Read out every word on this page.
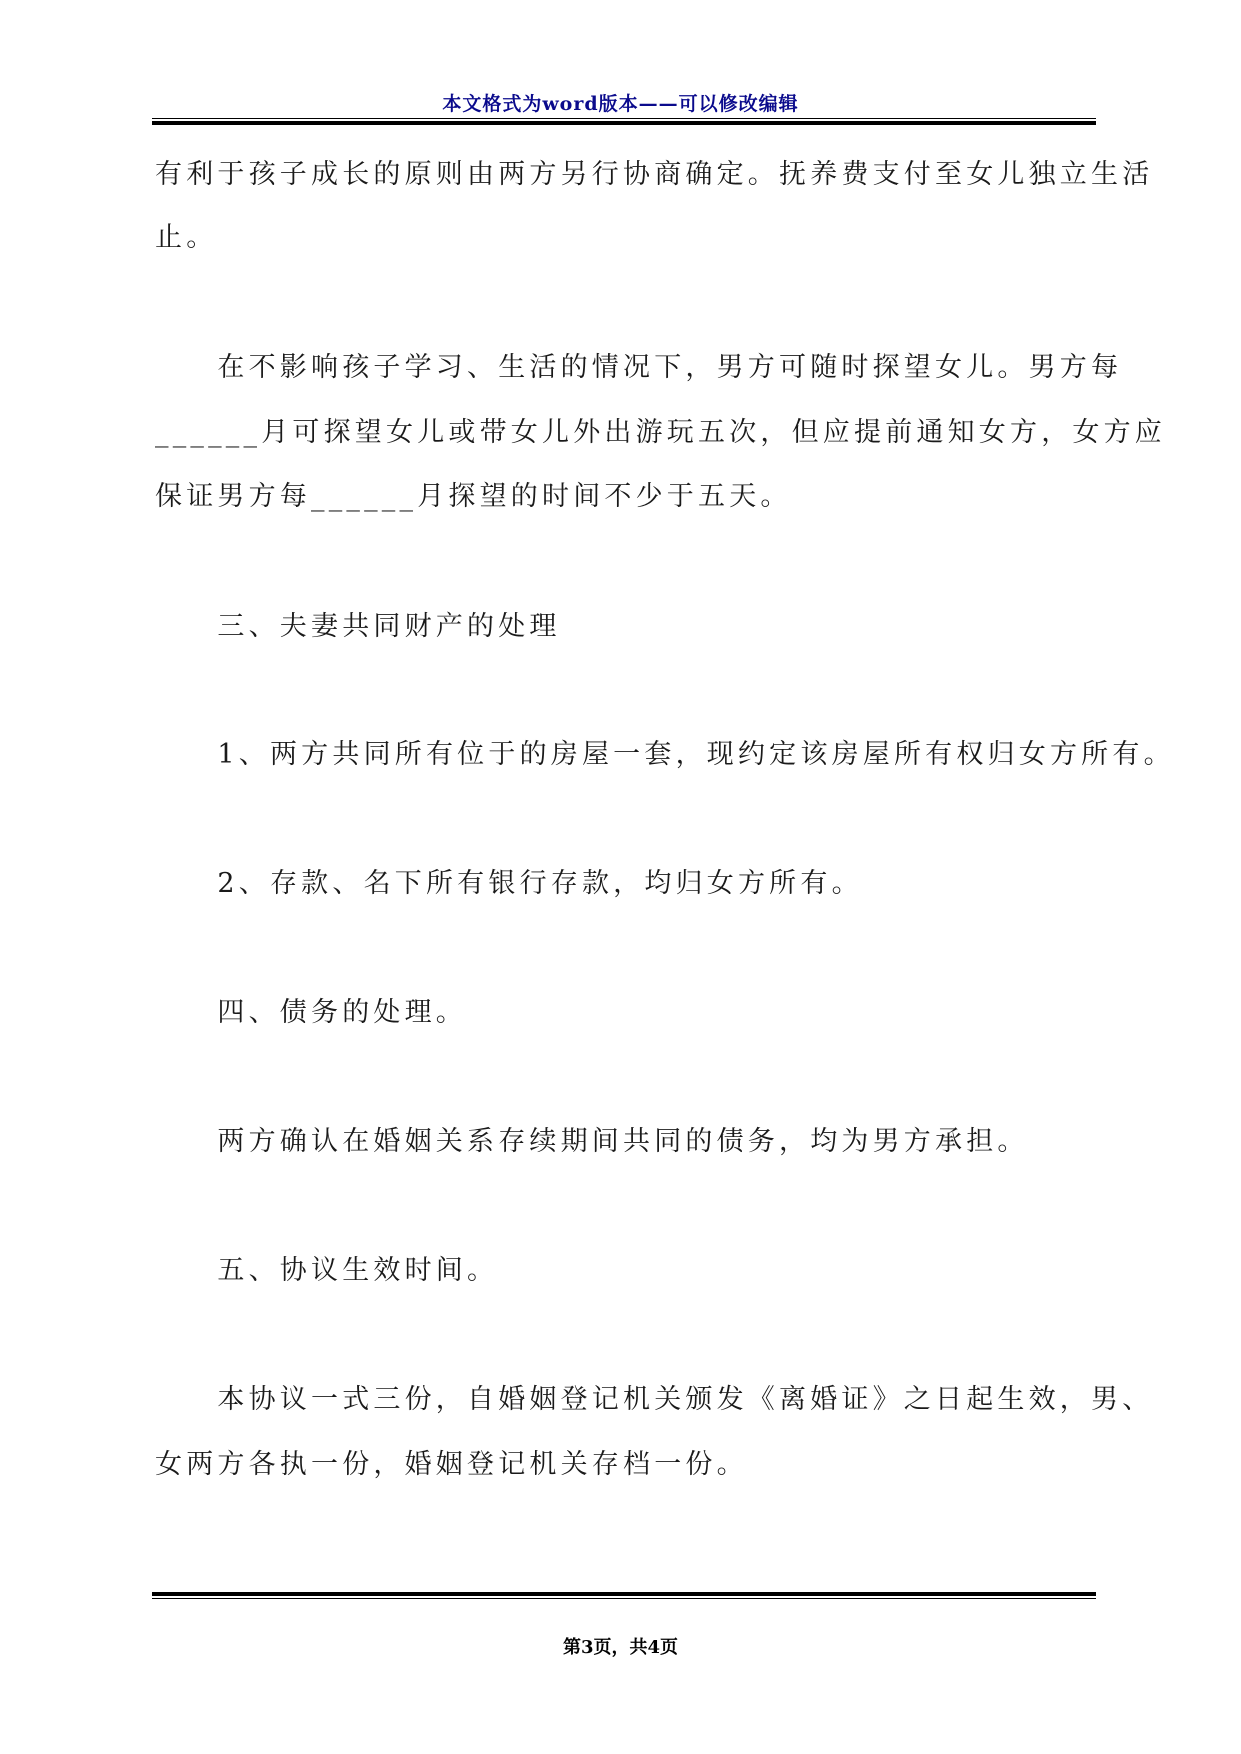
本文格式为word版本——可以修改编辑
有利于孩子成长的原则由两方另行协商确定。抚养费支付至女儿独立生活
止。
　　在不影响孩子学习、生活的情况下，男方可随时探望女儿。男方每
______月可探望女儿或带女儿外出游玩五次，但应提前通知女方，女方应
保证男方每______月探望的时间不少于五天。
　　三、夫妻共同财产的处理
　　1、两方共同所有位于的房屋一套，现约定该房屋所有权归女方所有。
　　2、存款、名下所有银行存款，均归女方所有。
　　四、债务的处理。
　　两方确认在婚姻关系存续期间共同的债务，均为男方承担。
　　五、协议生效时间。
　　本协议一式三份，自婚姻登记机关颁发《离婚证》之日起生效，男、
女两方各执一份，婚姻登记机关存档一份。
第3页，共4页
